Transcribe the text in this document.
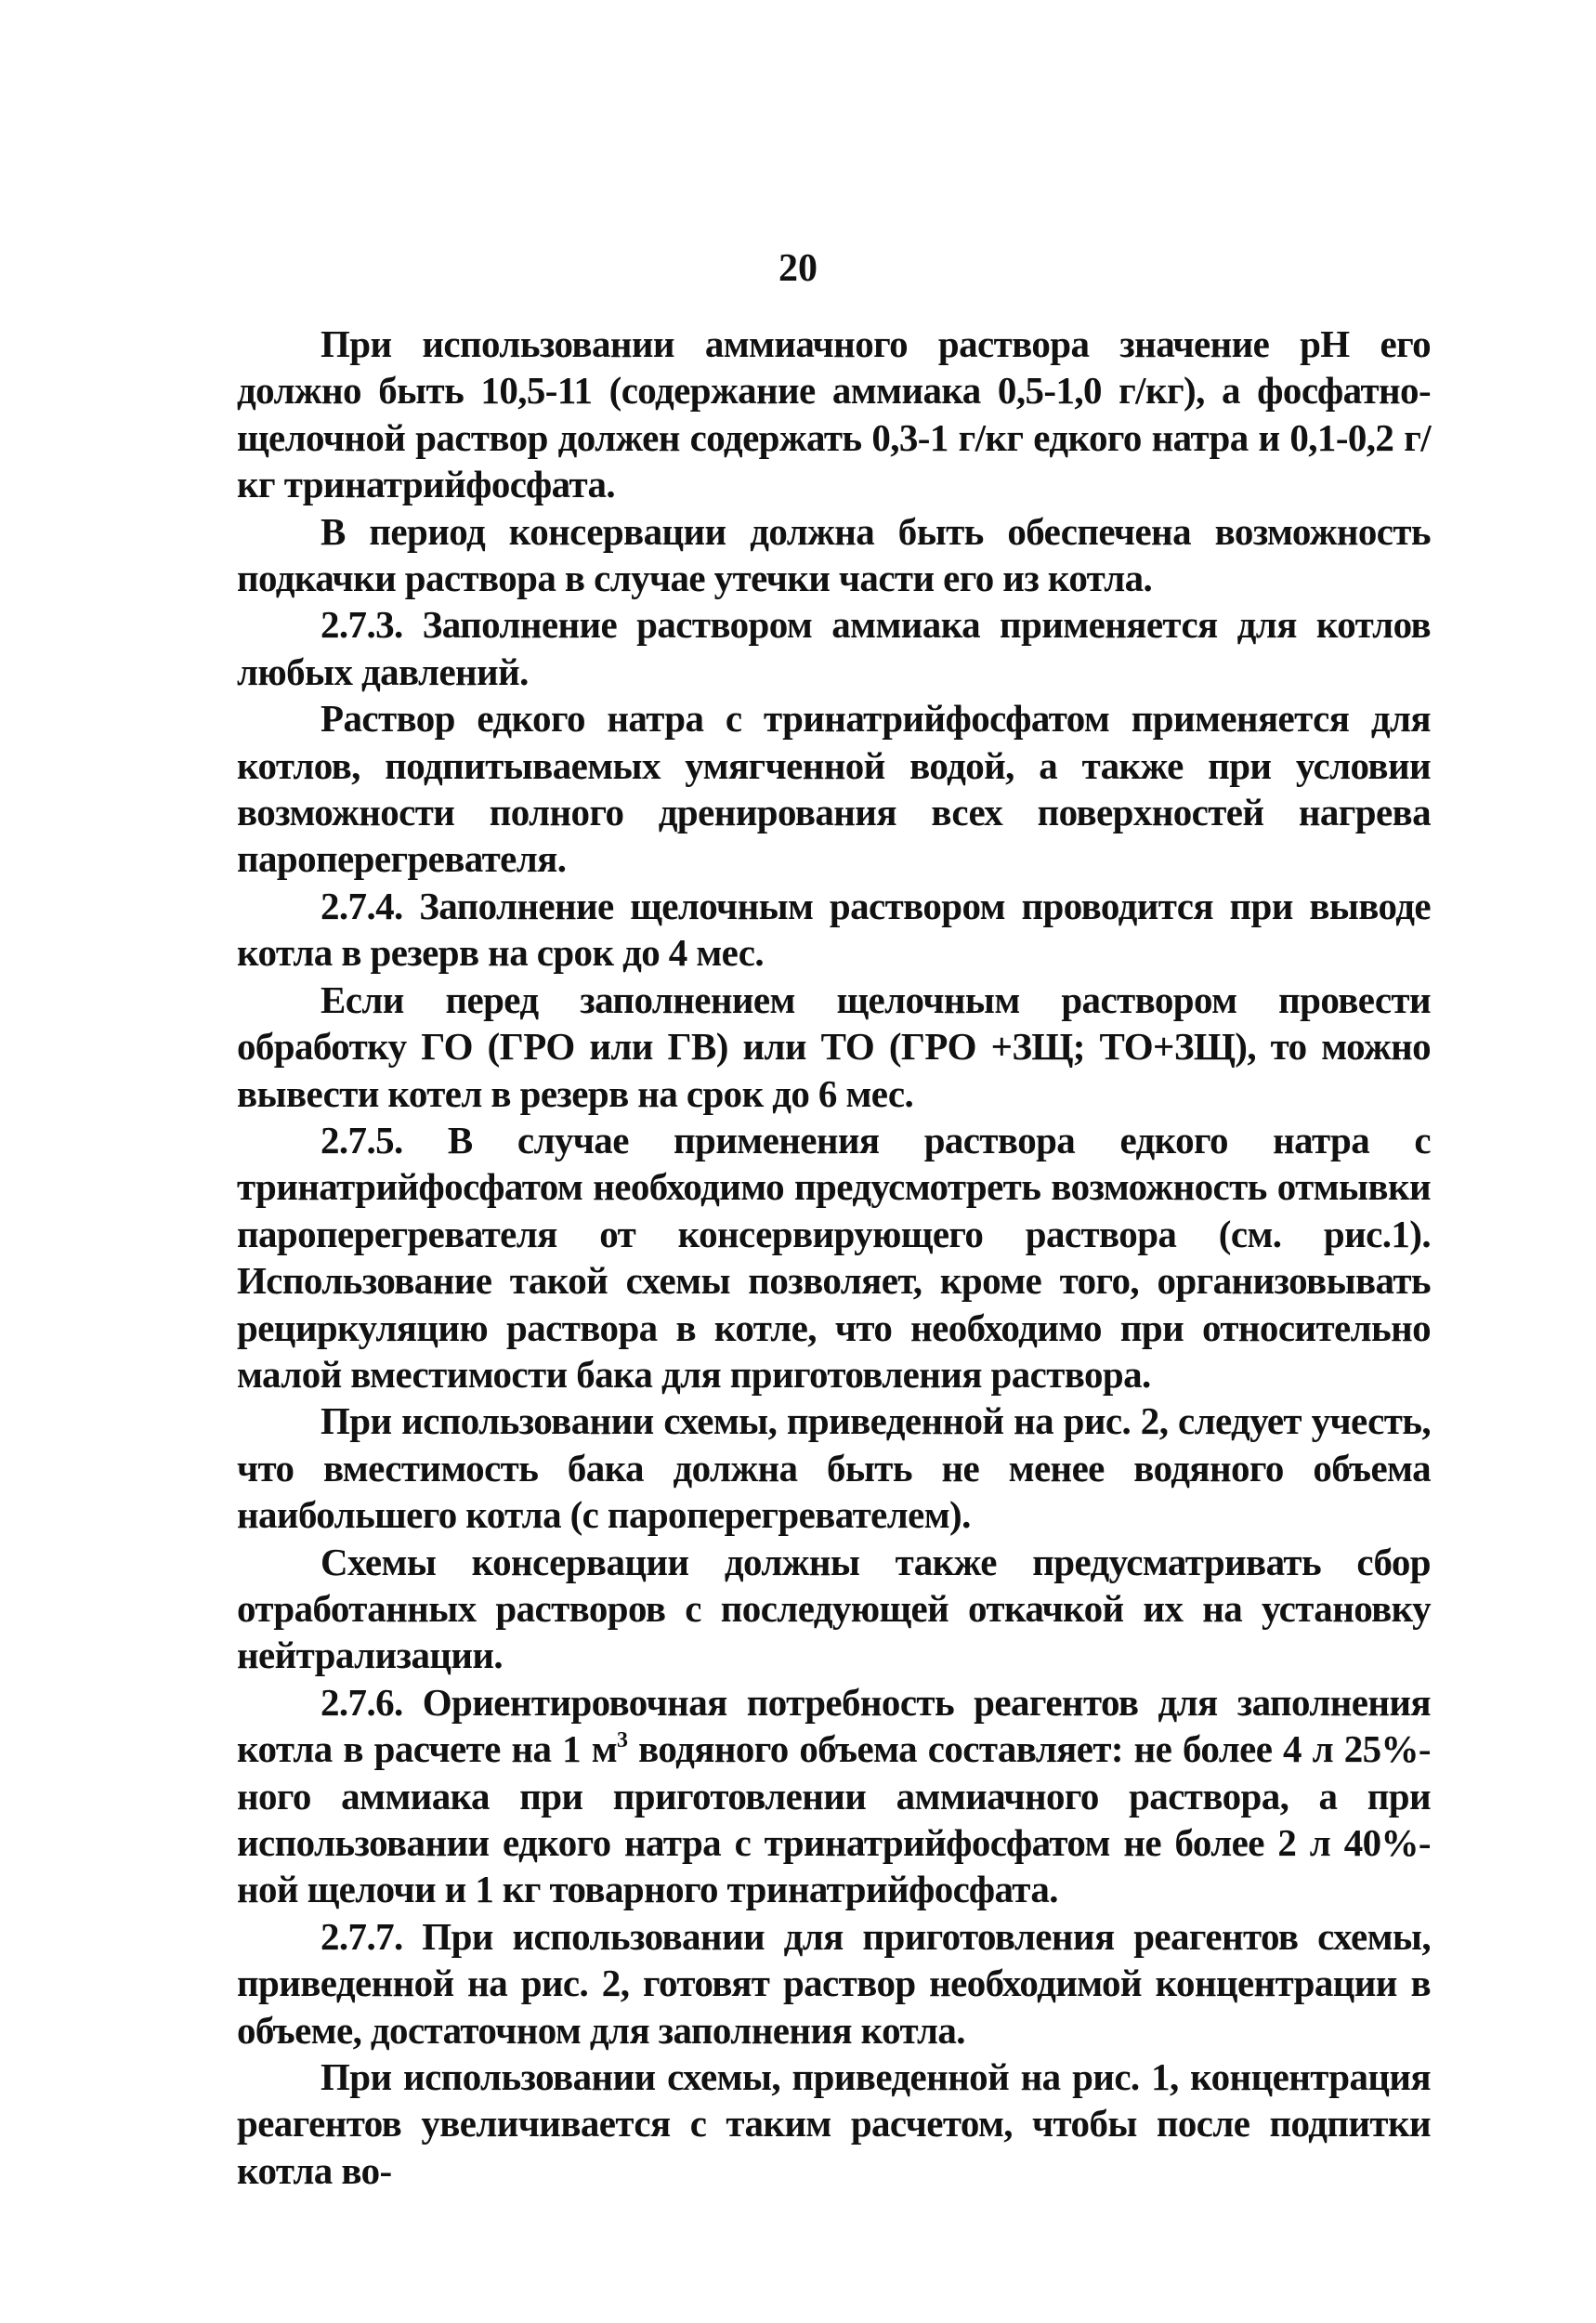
20

При использовании аммиачного раствора значение pH его должно быть 10,5-11 (содержание аммиака 0,5-1,0 г/кг), а фосфатно-щелочной раствор должен содержать 0,3-1 г/кг едкого натра и 0,1-0,2 г/кг тринатрийфосфата.

В период консервации должна быть обеспечена возможность подкачки раствора в случае утечки части его из котла.

2.7.3. Заполнение раствором аммиака применяется для котлов любых давлений.

Раствор едкого натра с тринатрийфосфатом применяется для котлов, подпитываемых умягченной водой, а также при условии возможности полного дренирования всех поверхностей нагрева пароперегревателя.

2.7.4. Заполнение щелочным раствором проводится при выводе котла в резерв на срок до 4 мес.

Если перед заполнением щелочным раствором провести обработку ГО (ГРО или ГВ) или ТО (ГРО +ЗЩ; ТО+ЗЩ), то можно вывести котел в резерв на срок до 6 мес.

2.7.5. В случае применения раствора едкого натра с тринатрийфосфатом необходимо предусмотреть возможность отмывки пароперегревателя от консервирующего раствора (см. рис.1). Использование такой схемы позволяет, кроме того, организовывать рециркуляцию раствора в котле, что необходимо при относительно малой вместимости бака для приготовления раствора.

При использовании схемы, приведенной на рис. 2, следует учесть, что вместимость бака должна быть не менее водяного объема наибольшего котла (с пароперегревателем).

Схемы консервации должны также предусматривать сбор отработанных растворов с последующей откачкой их на установку нейтрализации.

2.7.6. Ориентировочная потребность реагентов для заполнения котла в расчете на 1 $м^3$ водяного объема составляет: не более 4 л 25%-ного аммиака при приготовлении аммиачного раствора, а при использовании едкого натра с тринатрийфосфатом не более 2 л 40%-ной щелочи и 1 кг товарного тринатрийфосфата.

2.7.7. При использовании для приготовления реагентов схемы, приведенной на рис. 2, готовят раствор необходимой концентрации в объеме, достаточном для заполнения котла.

При использовании схемы, приведенной на рис. 1, концентрация реагентов увеличивается с таким расчетом, чтобы после подпитки котла во-
